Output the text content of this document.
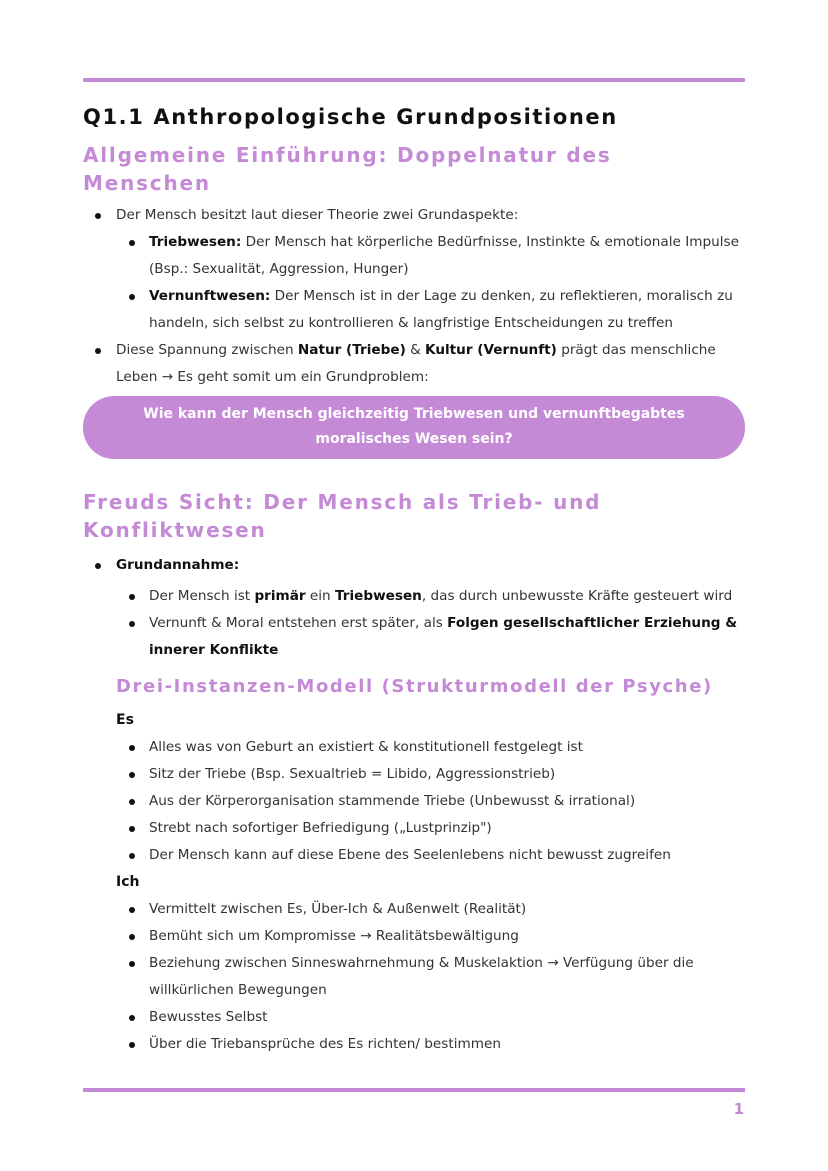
Q1.1 Anthropologische Grundpositionen
Allgemeine Einführung: Doppelnatur des Menschen
Der Mensch besitzt laut dieser Theorie zwei Grundaspekte:
Triebwesen: Der Mensch hat körperliche Bedürfnisse, Instinkte & emotionale Impulse (Bsp.: Sexualität, Aggression, Hunger)
Vernunftwesen: Der Mensch ist in der Lage zu denken, zu reflektieren, moralisch zu handeln, sich selbst zu kontrollieren & langfristige Entscheidungen zu treffen
Diese Spannung zwischen Natur (Triebe) & Kultur (Vernunft) prägt das menschliche Leben → Es geht somit um ein Grundproblem:
Wie kann der Mensch gleichzeitig Triebwesen und vernunftbegabtes moralisches Wesen sein?
Freuds Sicht: Der Mensch als Trieb- und Konfliktwesen
Grundannahme:
Der Mensch ist primär ein Triebwesen, das durch unbewusste Kräfte gesteuert wird
Vernunft & Moral entstehen erst später, als Folgen gesellschaftlicher Erziehung & innerer Konflikte
Drei-Instanzen-Modell (Strukturmodell der Psyche)
Es
Alles was von Geburt an existiert & konstitutionell festgelegt ist
Sitz der Triebe (Bsp. Sexualtrieb = Libido, Aggressionstrieb)
Aus der Körperorganisation stammende Triebe (Unbewusst & irrational)
Strebt nach sofortiger Befriedigung („Lustprinzip")
Der Mensch kann auf diese Ebene des Seelenlebens nicht bewusst zugreifen
Ich
Vermittelt zwischen Es, Über-Ich & Außenwelt (Realität)
Bemüht sich um Kompromisse → Realitätsbewältigung
Beziehung zwischen Sinneswahrnehmung & Muskelaktion → Verfügung über die willkürlichen Bewegungen
Bewusstes Selbst
Über die Triebansprüche des Es richten/ bestimmen
1
